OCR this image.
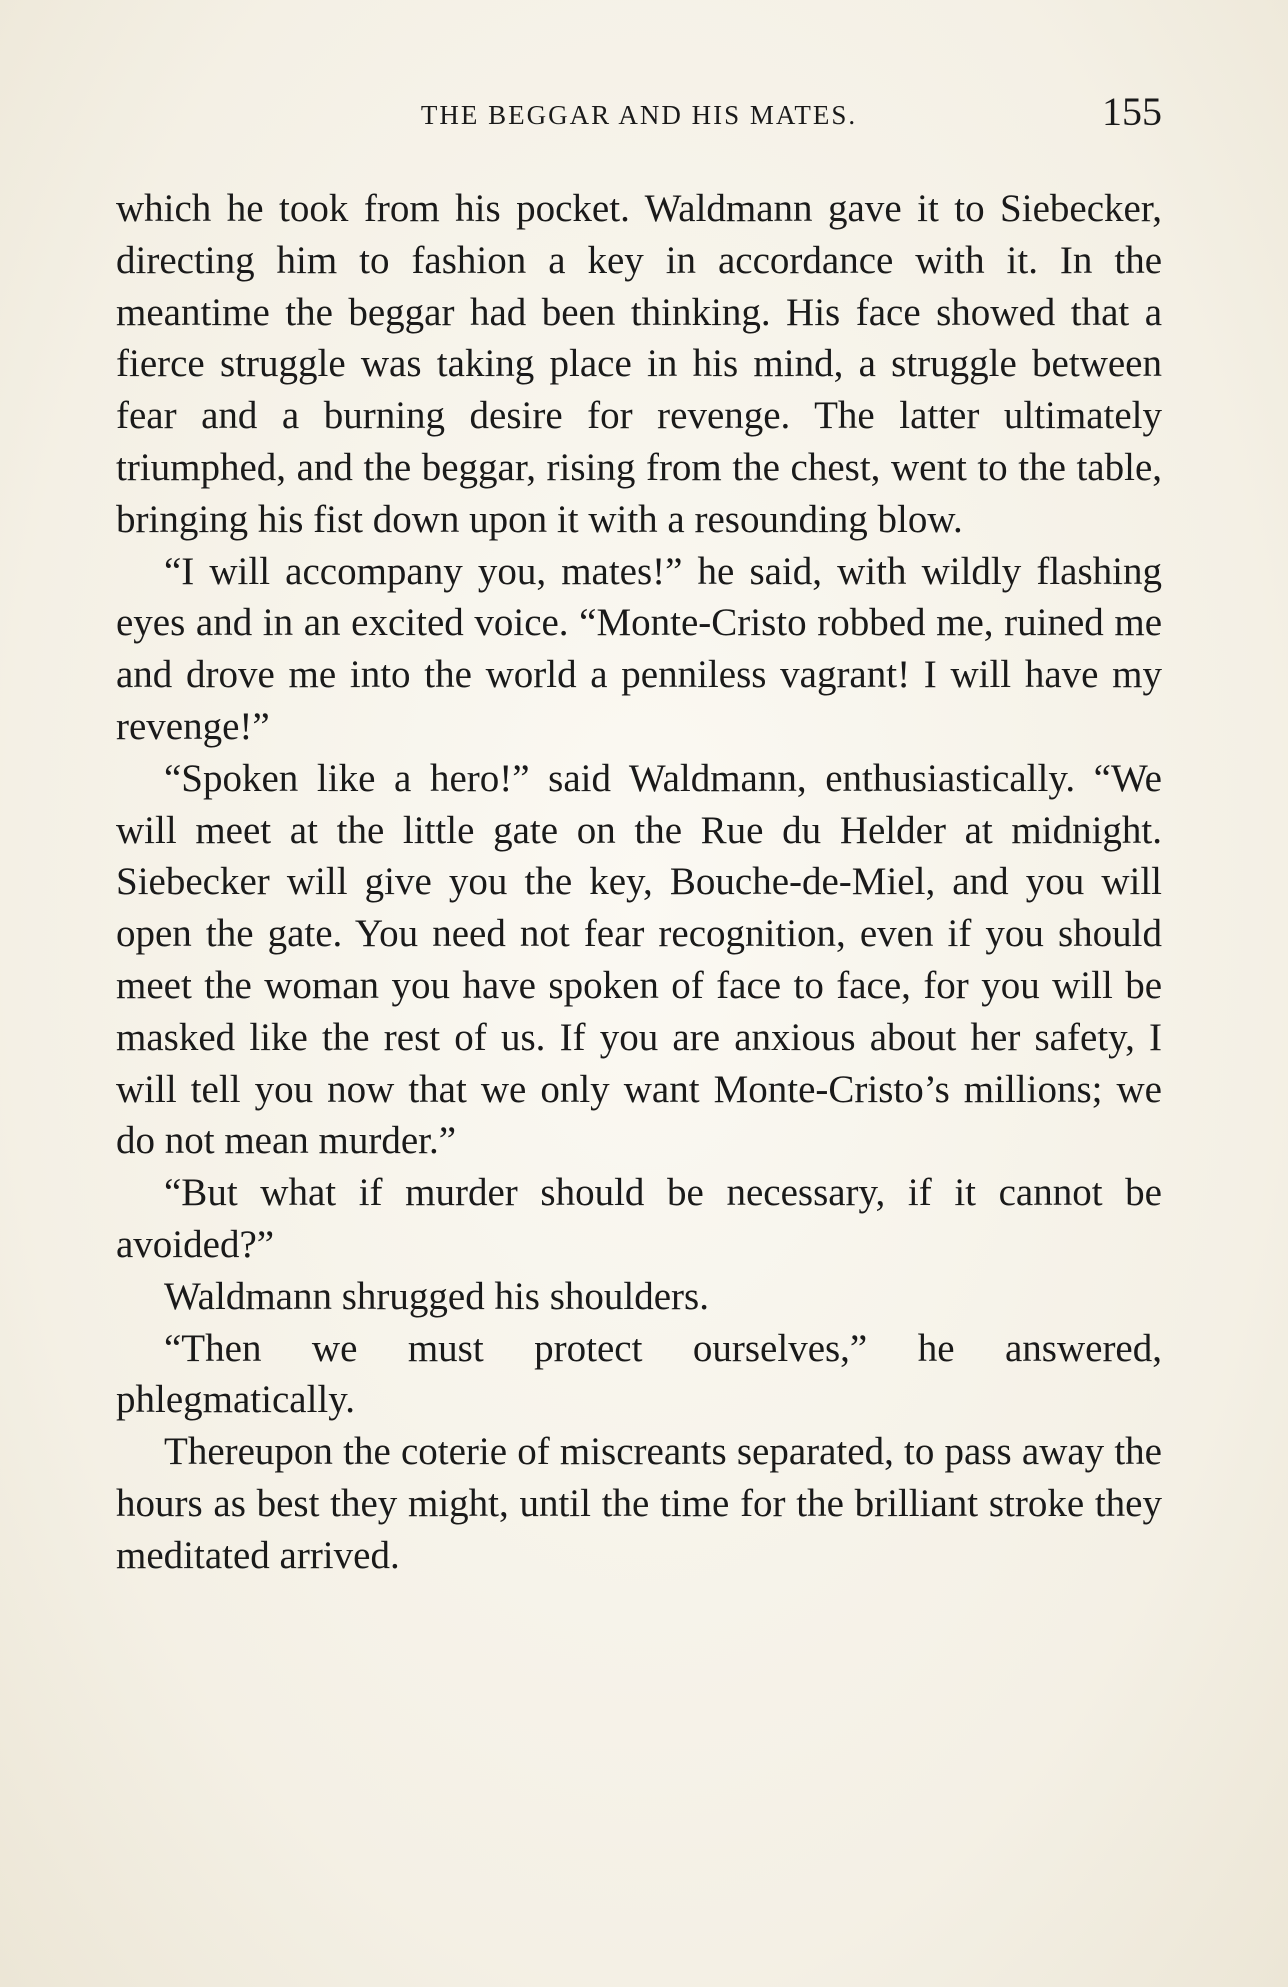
THE BEGGAR AND HIS MATES.	155

which he took from his pocket. Waldmann gave it to Siebecker, directing him to fashion a key in accordance with it. In the meantime the beggar had been thinking. His face showed that a fierce struggle was taking place in his mind, a struggle between fear and a burning desire for revenge. The latter ultimately triumphed, and the beggar, rising from the chest, went to the table, bringing his fist down upon it with a resounding blow.

“I will accompany you, mates!” he said, with wildly flashing eyes and in an excited voice. “Monte-Cristo robbed me, ruined me and drove me into the world a penniless vagrant! I will have my revenge!”

“Spoken like a hero!” said Waldmann, enthusiastically. “We will meet at the little gate on the Rue du Helder at midnight. Siebecker will give you the key, Bouche-de-Miel, and you will open the gate. You need not fear recognition, even if you should meet the woman you have spoken of face to face, for you will be masked like the rest of us. If you are anxious about her safety, I will tell you now that we only want Monte-Cristo’s millions; we do not mean murder.”

“But what if murder should be necessary, if it cannot be avoided?”

Waldmann shrugged his shoulders.

“Then we must protect ourselves,” he answered, phlegmatically.

Thereupon the coterie of miscreants separated, to pass away the hours as best they might, until the time for the brilliant stroke they meditated arrived.
